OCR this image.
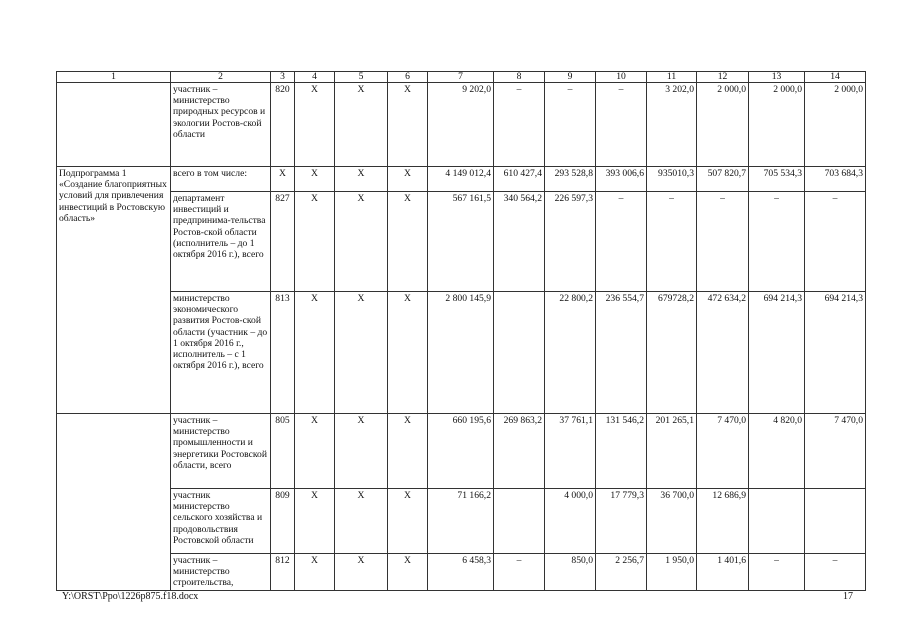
1	2	3	4	5	6	7	8	9	10	11	12	13	14
	участник – министерство природных ресурсов и экологии Ростов-ской области	820	Х	Х	Х	9 202,0	–	–	–	3 202,0	2 000,0	2 000,0	2 000,0
Подпрограмма 1 «Создание благоприятных условий для привлечения инвестиций в Ростовскую область»	всего в том числе:	Х	Х	Х	Х	4 149 012,4	610 427,4	293 528,8	393 006,6	935010,3	507 820,7	705 534,3	703 684,3
	департамент инвестиций и предпринима-тельства Ростов-ской области (исполнитель – до 1 октября 2016 г.), всего	827	Х	Х	Х	567 161,5	340 564,2	226 597,3	–	–	–	–	–
	министерство экономического развития Ростов-ской области (участник – до 1 октября 2016 г., исполнитель – с 1 октября 2016 г.), всего	813	Х	Х	Х	2 800 145,9		22 800,2	236 554,7	679728,2	472 634,2	694 214,3	694 214,3
	участник – министерство промышленности и энергетики Ростовской области, всего	805	Х	Х	Х	660 195,6	269 863,2	37 761,1	131 546,2	201 265,1	7 470,0	4 820,0	7 470,0
	участник министерство сельского хозяйства и продовольствия Ростовской области	809	Х	Х	Х	71 166,2		4 000,0	17 779,3	36 700,0	12 686,9		
	участник – министерство строительства,	812	Х	Х	Х	6 458,3	–	850,0	2 256,7	1 950,0	1 401,6	–	–
Y:\ORST\Ppo\1226p875.f18.docx	17
